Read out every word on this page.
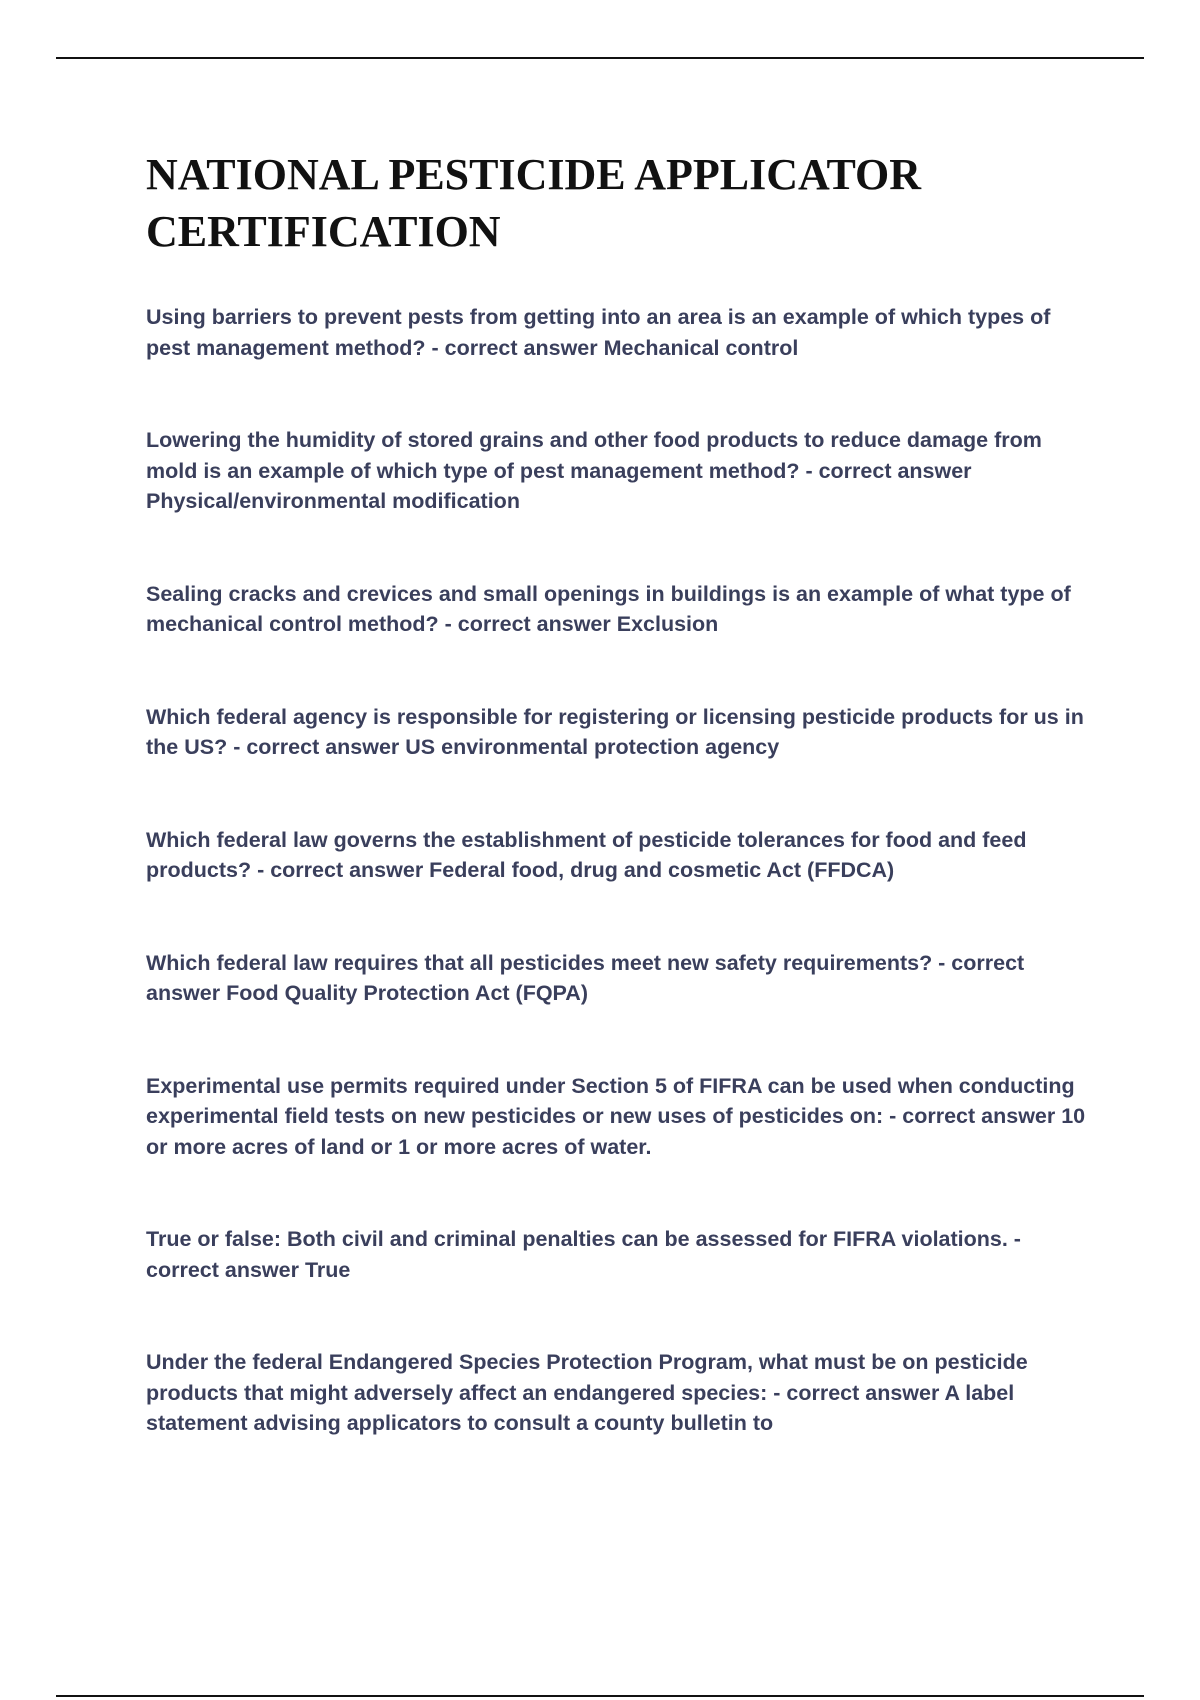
NATIONAL PESTICIDE APPLICATOR CERTIFICATION
Using barriers to prevent pests from getting into an area is an example of which types of pest management method? - correct answer Mechanical control
Lowering the humidity of stored grains and other food products to reduce damage from mold is an example of which type of pest management method? - correct answer Physical/environmental modification
Sealing cracks and crevices and small openings in buildings is an example of what type of mechanical control method? - correct answer Exclusion
Which federal agency is responsible for registering or licensing pesticide products for us in the US? - correct answer US environmental protection agency
Which federal law governs the establishment of pesticide tolerances for food and feed products? - correct answer Federal food, drug and cosmetic Act (FFDCA)
Which federal law requires that all pesticides meet new safety requirements? - correct answer Food Quality Protection Act (FQPA)
Experimental use permits required under Section 5 of FIFRA can be used when conducting experimental field tests on new pesticides or new uses of pesticides on: - correct answer 10 or more acres of land or 1 or more acres of water.
True or false: Both civil and criminal penalties can be assessed for FIFRA violations. - correct answer True
Under the federal Endangered Species Protection Program, what must be on pesticide products that might adversely affect an endangered species: - correct answer A label statement advising applicators to consult a county bulletin to
